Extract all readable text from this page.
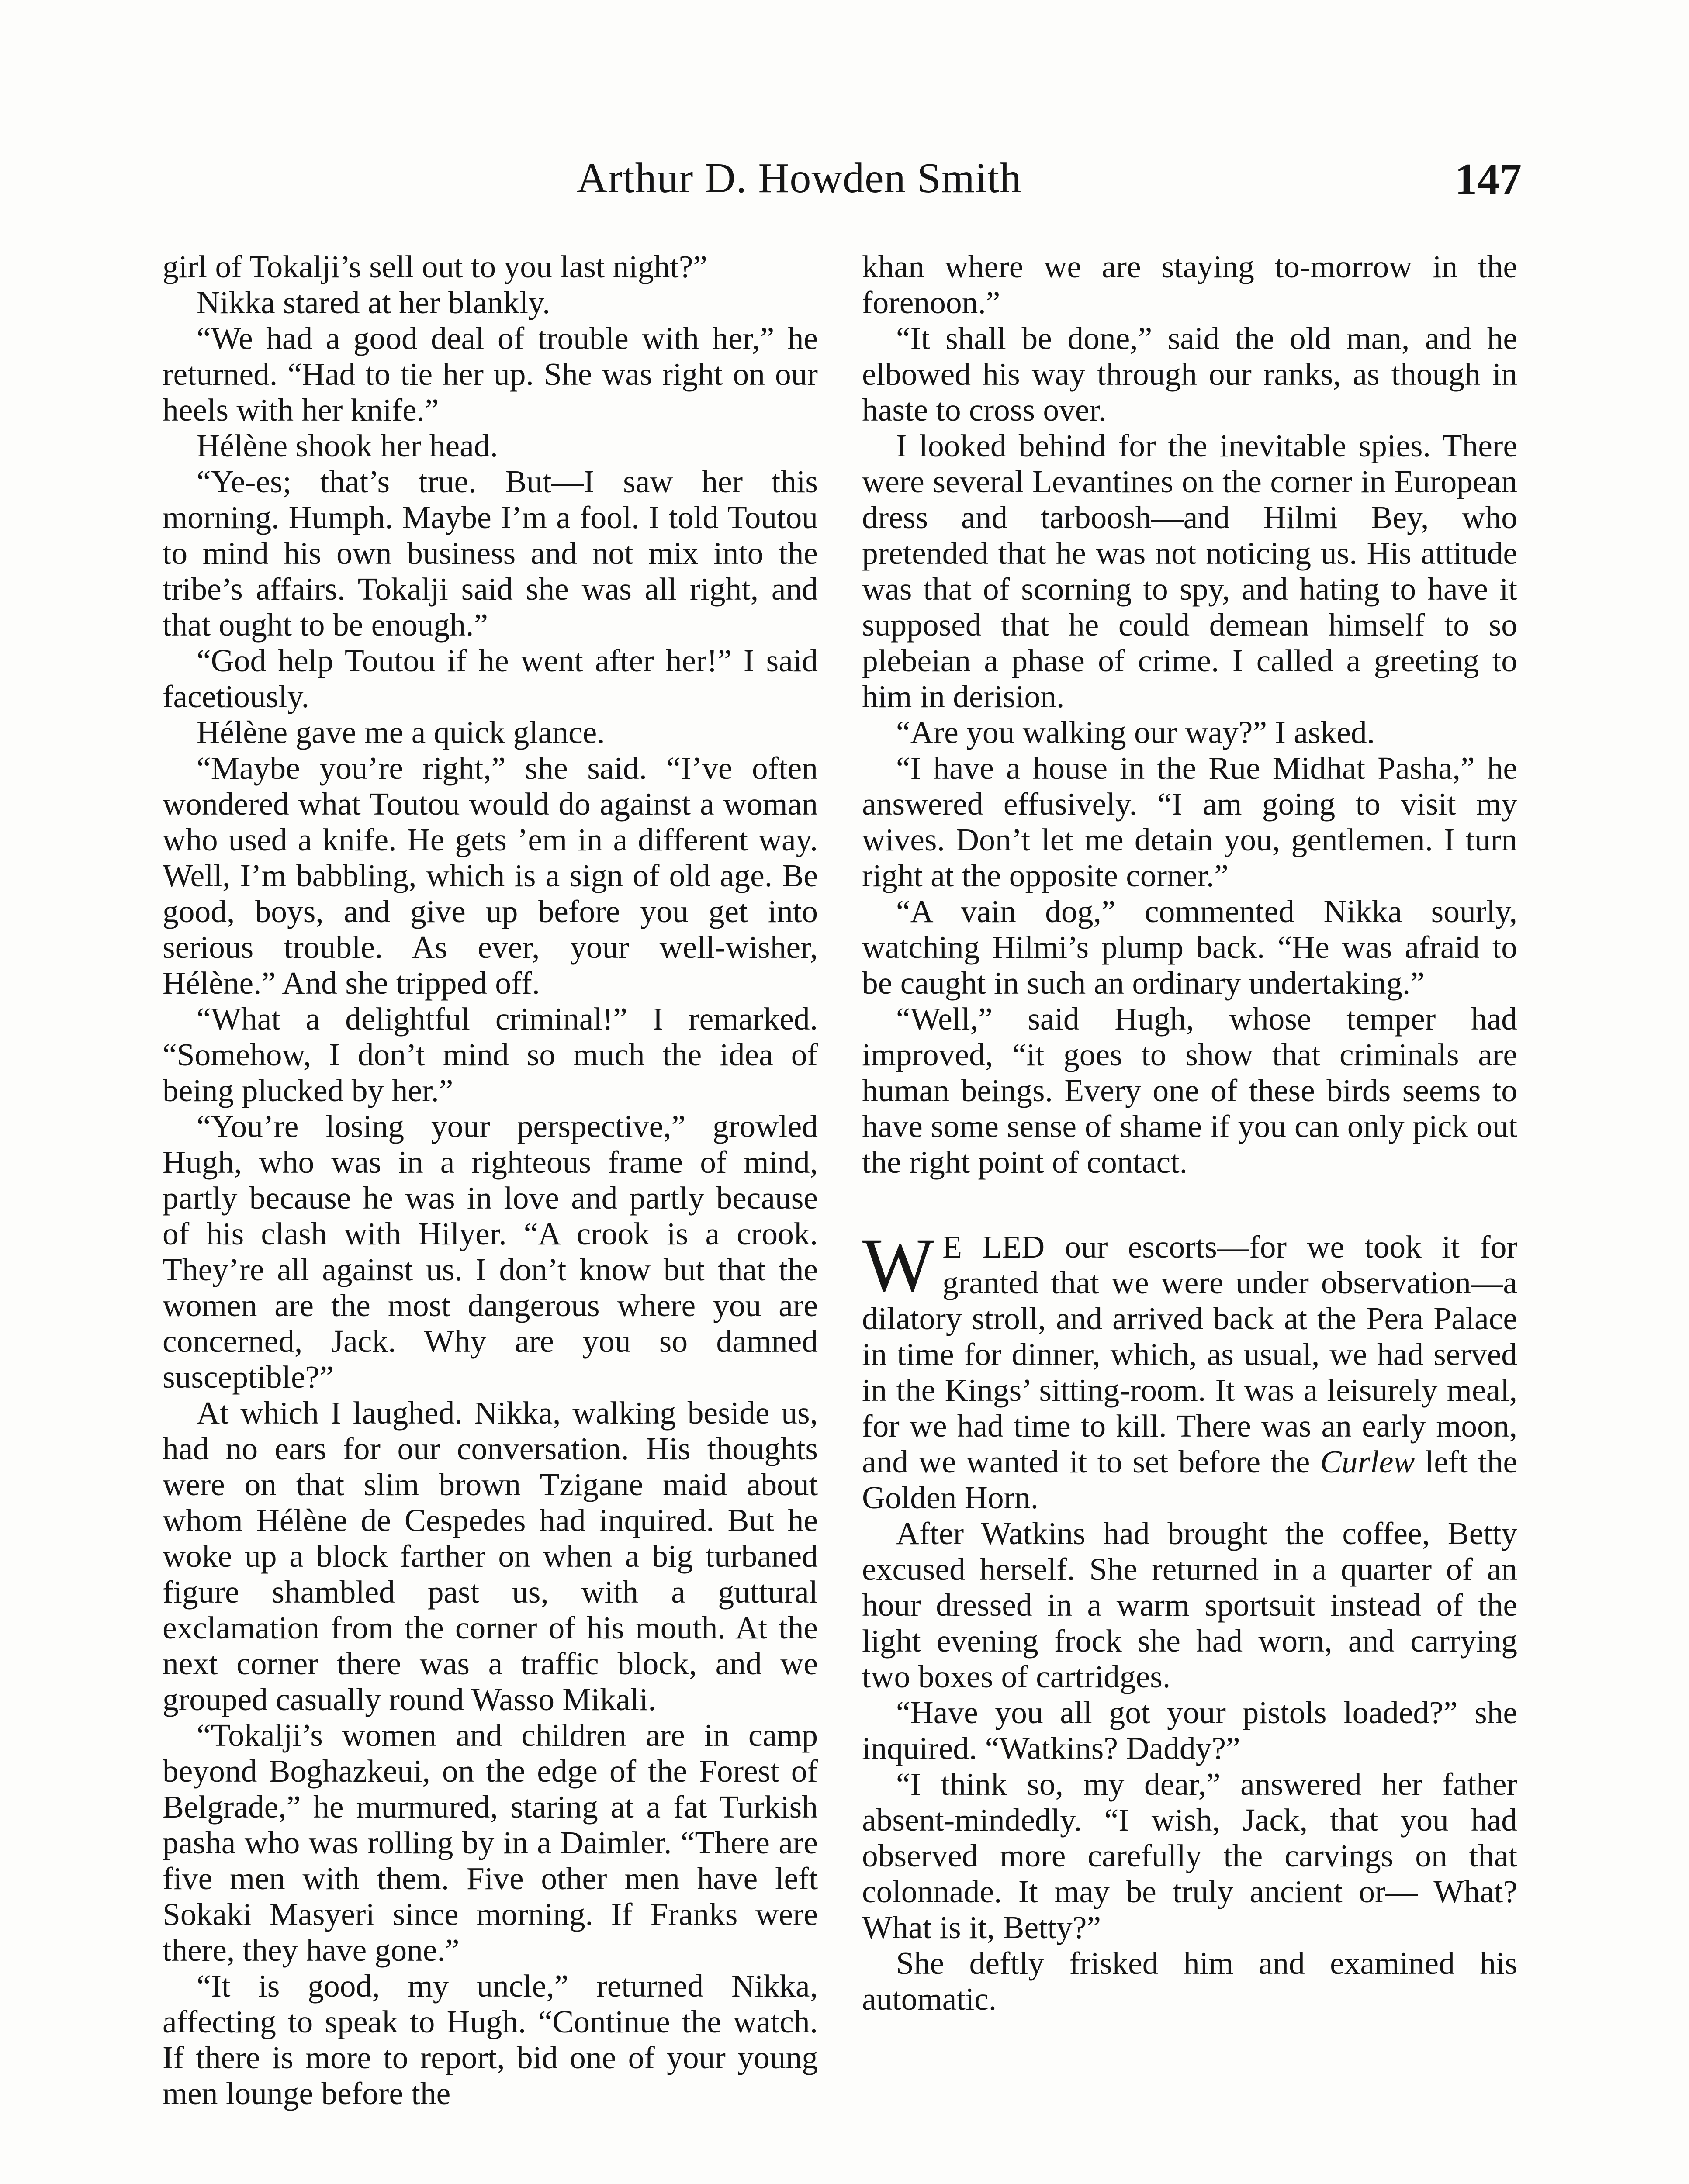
Arthur D. Howden Smith	147

girl of Tokalji’s sell out to you last night?”

Nikka stared at her blankly.

“We had a good deal of trouble with her,” he returned. “Had to tie her up. She was right on our heels with her knife.”

Hélène shook her head.

“Ye-es; that’s true. But—I saw her this morning. Humph. Maybe I’m a fool. I told Toutou to mind his own business and not mix into the tribe’s affairs. Tokalji said she was all right, and that ought to be enough.”

“God help Toutou if he went after her!” I said facetiously.

Hélène gave me a quick glance.

“Maybe you’re right,” she said. “I’ve often wondered what Toutou would do against a woman who used a knife. He gets ’em in a different way. Well, I’m babbling, which is a sign of old age. Be good, boys, and give up before you get into serious trouble. As ever, your well-wisher, Hélène.” And she tripped off.

“What a delightful criminal!” I remarked. “Somehow, I don’t mind so much the idea of being plucked by her.”

“You’re losing your perspective,” growled Hugh, who was in a righteous frame of mind, partly because he was in love and partly because of his clash with Hilyer. “A crook is a crook. They’re all against us. I don’t know but that the women are the most dangerous where you are concerned, Jack. Why are you so damned susceptible?”

At which I laughed. Nikka, walking beside us, had no ears for our conversation. His thoughts were on that slim brown Tzigane maid about whom Hélène de Cespedes had inquired. But he woke up a block farther on when a big turbaned figure shambled past us, with a guttural exclamation from the corner of his mouth. At the next corner there was a traffic block, and we grouped casually round Wasso Mikali.

“Tokalji’s women and children are in camp beyond Boghazkeui, on the edge of the Forest of Belgrade,” he murmured, staring at a fat Turkish pasha who was rolling by in a Daimler. “There are five men with them. Five other men have left Sokaki Masyeri since morning. If Franks were there, they have gone.”

“It is good, my uncle,” returned Nikka, affecting to speak to Hugh. “Continue the watch. If there is more to report, bid one of your young men lounge before the

khan where we are staying to-morrow in the forenoon.”

“It shall be done,” said the old man, and he elbowed his way through our ranks, as though in haste to cross over.

I looked behind for the inevitable spies. There were several Levantines on the corner in European dress and tarboosh—and Hilmi Bey, who pretended that he was not noticing us. His attitude was that of scorning to spy, and hating to have it supposed that he could demean himself to so plebeian a phase of crime. I called a greeting to him in derision.

“Are you walking our way?” I asked.

“I have a house in the Rue Midhat Pasha,” he answered effusively. “I am going to visit my wives. Don’t let me detain you, gentlemen. I turn right at the opposite corner.”

“A vain dog,” commented Nikka sourly, watching Hilmi’s plump back. “He was afraid to be caught in such an ordinary undertaking.”

“Well,” said Hugh, whose temper had improved, “it goes to show that criminals are human beings. Every one of these birds seems to have some sense of shame if you can only pick out the right point of contact.

W E LED our escorts—for we took it for granted that we were under observation—a dilatory stroll, and arrived back at the Pera Palace in time for dinner, which, as usual, we had served in the Kings’ sitting-room. It was a leisurely meal, for we had time to kill. There was an early moon, and we wanted it to set before the Curlew left the Golden Horn.

After Watkins had brought the coffee, Betty excused herself. She returned in a quarter of an hour dressed in a warm sportsuit instead of the light evening frock she had worn, and carrying two boxes of cartridges.

“Have you all got your pistols loaded?” she inquired. “Watkins? Daddy?”

“I think so, my dear,” answered her father absent-mindedly. “I wish, Jack, that you had observed more carefully the carvings on that colonnade. It may be truly ancient or— What? What is it, Betty?”

She deftly frisked him and examined his automatic.
